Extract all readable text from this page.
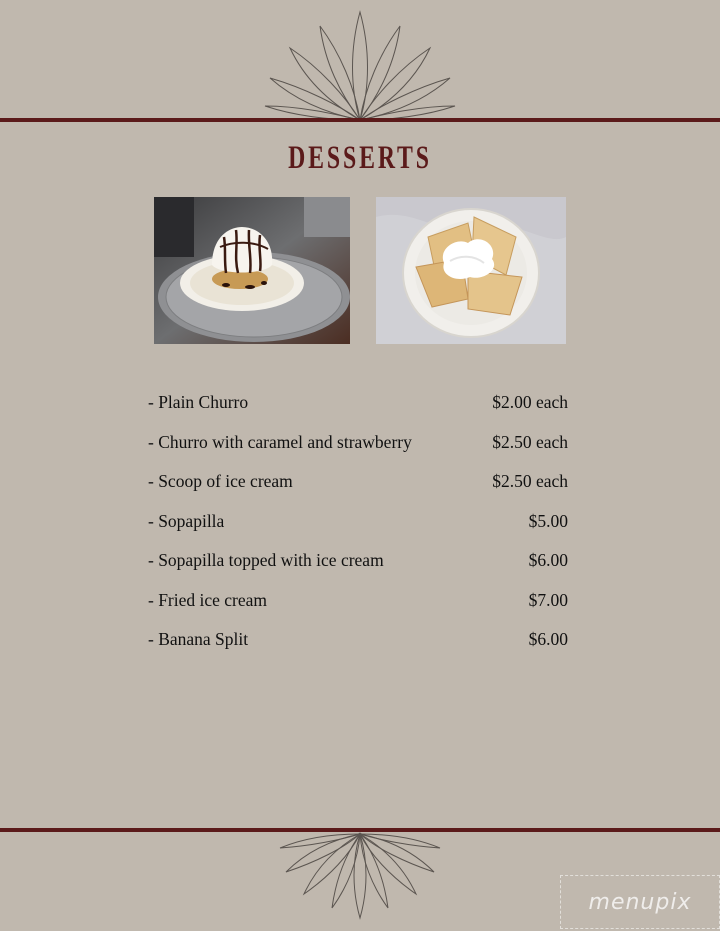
DESSERTS
- Plain Churro	$2.00 each
- Churro with caramel and strawberry	$2.50 each
- Scoop of ice cream	$2.50 each
- Sopapilla	$5.00
- Sopapilla topped with ice cream	$6.00
- Fried ice cream	$7.00
- Banana Split	$6.00
menupix
